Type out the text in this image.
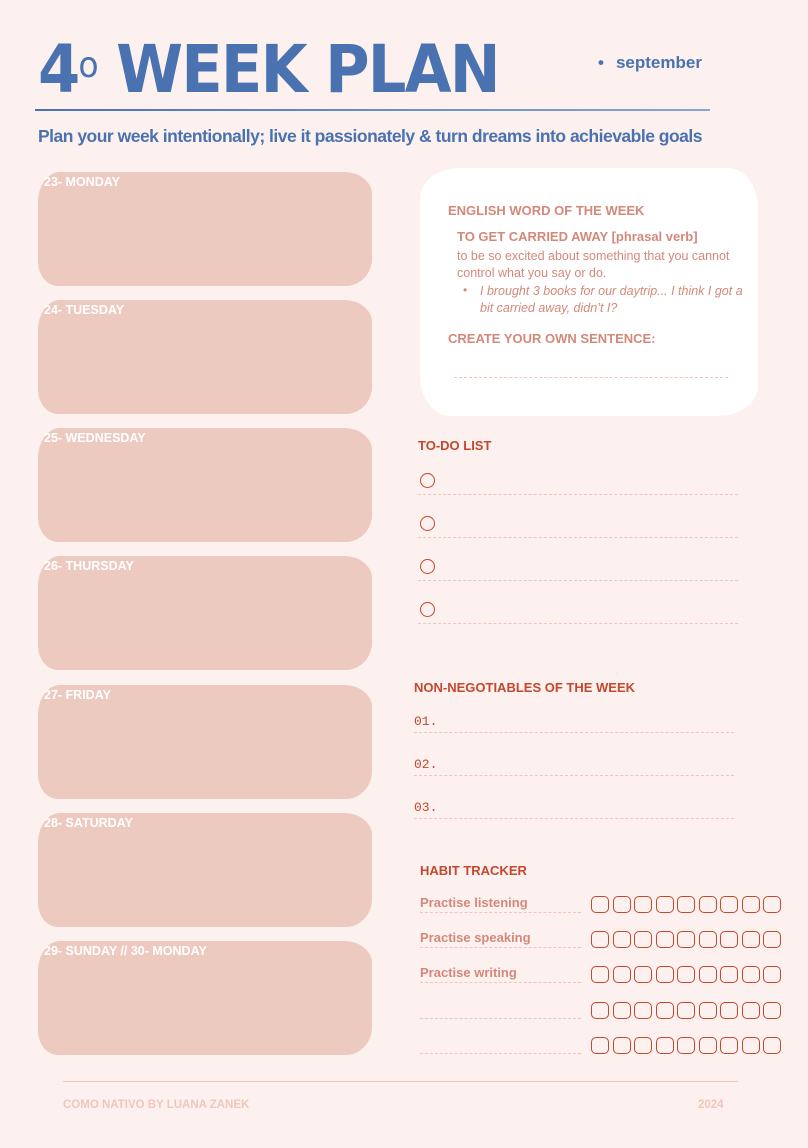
4$^o$ WEEK PLAN	• september
Plan your week intentionally; live it passionately & turn dreams into achievable goals
23- MONDAY
24- TUESDAY
25- WEDNESDAY
26- THURSDAY
27- FRIDAY
28- SATURDAY
29- SUNDAY // 30- MONDAY
ENGLISH WORD OF THE WEEK
TO GET CARRIED AWAY [phrasal verb]
to be so excited about something that you cannot control what you say or do.
• I brought 3 books for our daytrip... I think I got a bit carried away, didn’t I?
CREATE YOUR OWN SENTENCE:
TO-DO LIST
NON-NEGOTIABLES OF THE WEEK
01.
02.
03.
HABIT TRACKER
Practise listening
Practise speaking
Practise writing
COMO NATIVO BY LUANA ZANEK	2024
